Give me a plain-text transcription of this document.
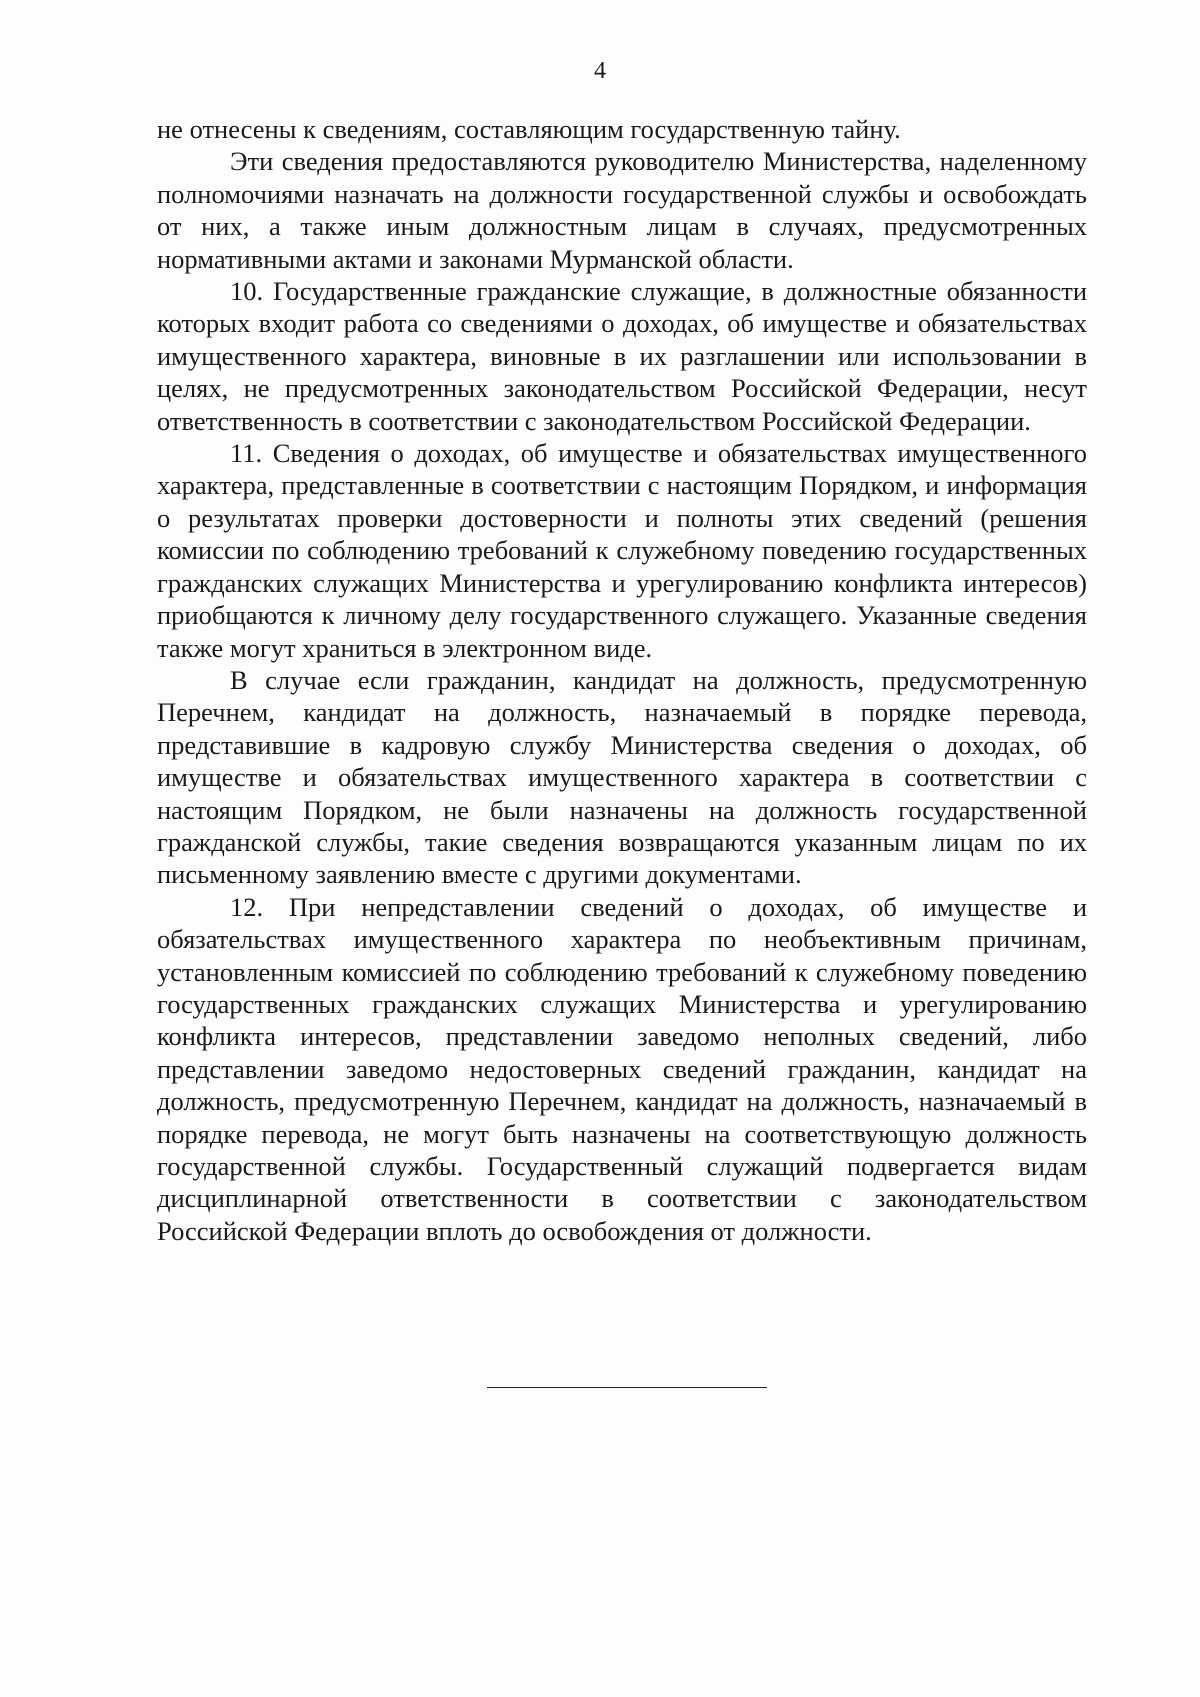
4

не отнесены к сведениям, составляющим государственную тайну.

Эти сведения предоставляются руководителю Министерства, наделенному полномочиями назначать на должности государственной службы и освобождать от них, а также иным должностным лицам в случаях, предусмотренных нормативными актами и законами Мурманской области.

10. Государственные гражданские служащие, в должностные обязанности которых входит работа со сведениями о доходах, об имуществе и обязательствах имущественного характера, виновные в их разглашении или использовании в целях, не предусмотренных законодательством Российской Федерации, несут ответственность в соответствии с законодательством Российской Федерации.

11. Сведения о доходах, об имуществе и обязательствах имущественного характера, представленные в соответствии с настоящим Порядком, и информация о результатах проверки достоверности и полноты этих сведений (решения комиссии по соблюдению требований к служебному поведению государственных гражданских служащих Министерства и урегулированию конфликта интересов) приобщаются к личному делу государственного служащего. Указанные сведения также могут храниться в электронном виде.

В случае если гражданин, кандидат на должность, предусмотренную Перечнем, кандидат на должность, назначаемый в порядке перевода, представившие в кадровую службу Министерства сведения о доходах, об имуществе и обязательствах имущественного характера в соответствии с настоящим Порядком, не были назначены на должность государственной гражданской службы, такие сведения возвращаются указанным лицам по их письменному заявлению вместе с другими документами.

12. При непредставлении сведений о доходах, об имуществе и обязательствах имущественного характера по необъективным причинам, установленным комиссией по соблюдению требований к служебному поведению государственных гражданских служащих Министерства и урегулированию конфликта интересов, представлении заведомо неполных сведений, либо представлении заведомо недостоверных сведений гражданин, кандидат на должность, предусмотренную Перечнем, кандидат на должность, назначаемый в порядке перевода, не могут быть назначены на соответствующую должность государственной службы. Государственный служащий подвергается видам дисциплинарной ответственности в соответствии с законодательством Российской Федерации вплоть до освобождения от должности.
